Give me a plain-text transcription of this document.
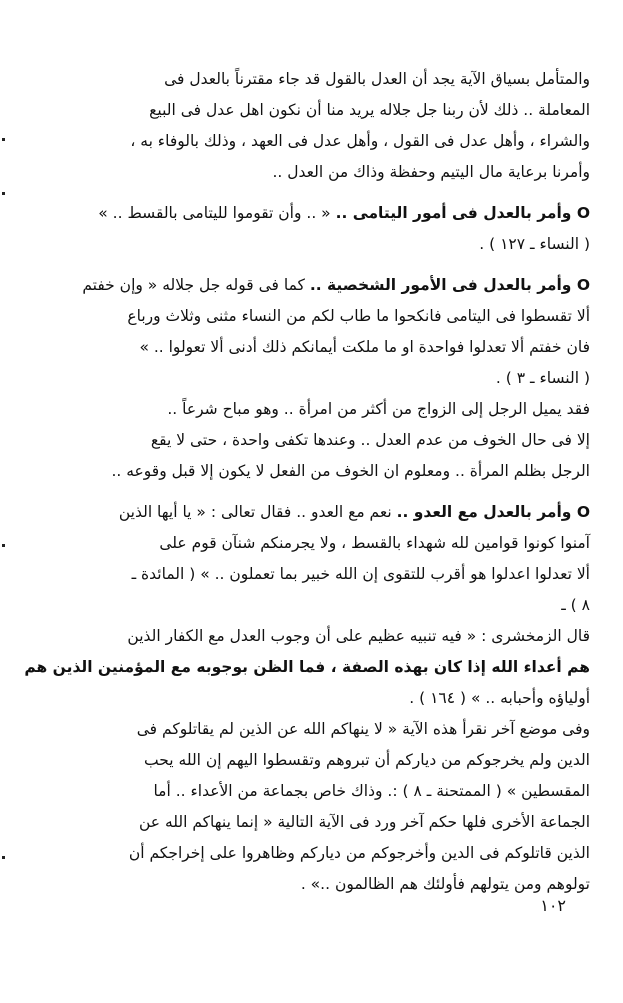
والمتأمل بسياق الآية يجد أن العدل بالقول قد جاء مقترناً بالعدل فى
المعاملة .. ذلك لأن ربنا جل جلاله يريد منا أن نكون اهل عدل فى البيع
والشراء ، وأهل عدل فى القول ، وأهل عدل فى العهد ، وذلك بالوفاء به ،
وأمرنا برعاية مال اليتيم وحفظة وذاك من العدل ..

O وأمر بالعدل فى أمور اليتامى .. « .. وأن تقوموا لليتامى بالقسط .. »
( النساء ـ ١٢٧ ) .

O وأمر بالعدل فى الأمور الشخصية .. كما فى قوله جل جلاله « وإن خفتم
ألا تقسطوا فى اليتامى فانكحوا ما طاب لكم من النساء مثنى وثلاث ورباع
فان خفتم ألا تعدلوا فواحدة او ما ملكت أيمانكم ذلك أدنى ألا تعولوا .. »
( النساء ـ ٣ ) .

فقد يميل الرجل إلى الزواج من أكثر من امرأة .. وهو مباح شرعاً ..
إلا فى حال الخوف من عدم العدل .. وعندها تكفى واحدة ، حتى لا يقع
الرجل بظلم المرأة .. ومعلوم ان الخوف من الفعل لا يكون إلا قبل وقوعه ..

O وأمر بالعدل مع العدو .. نعم مع العدو .. فقال تعالى : « يا أيها الذين
آمنوا كونوا قوامين لله شهداء بالقسط ، ولا يجرمنكم شنآن قوم على
ألا تعدلوا اعدلوا هو أقرب للتقوى إن الله خبير بما تعملون .. » ( المائدة ـ
٨ ) ـ

قال الزمخشرى : « فيه تنبيه عظيم على أن وجوب العدل مع الكفار الذين
هم أعداء الله إذا كان بهذه الصفة ، فما الظن بوجوبه مع المؤمنين الذين هم
أولياؤه وأحبابه .. » ( ١٦٤ ) .

وفى موضع آخر نقرأ هذه الآية « لا ينهاكم الله عن الذين لم يقاتلوكم فى
الدين ولم يخرجوكم من دياركم أن تبروهم وتقسطوا اليهم إن الله يحب
المقسطين » ( الممتحنة ـ ٨ ) :. وذاك خاص بجماعة من الأعداء .. أما
الجماعة الأخرى فلها حكم آخر ورد فى الآية التالية « إنما ينهاكم الله عن
الذين قاتلوكم فى الدين وأخرجوكم من دياركم وظاهروا على إخراجكم أن
تولوهم ومن يتولهم فأولئك هم الظالمون ..» .

١٠٢
